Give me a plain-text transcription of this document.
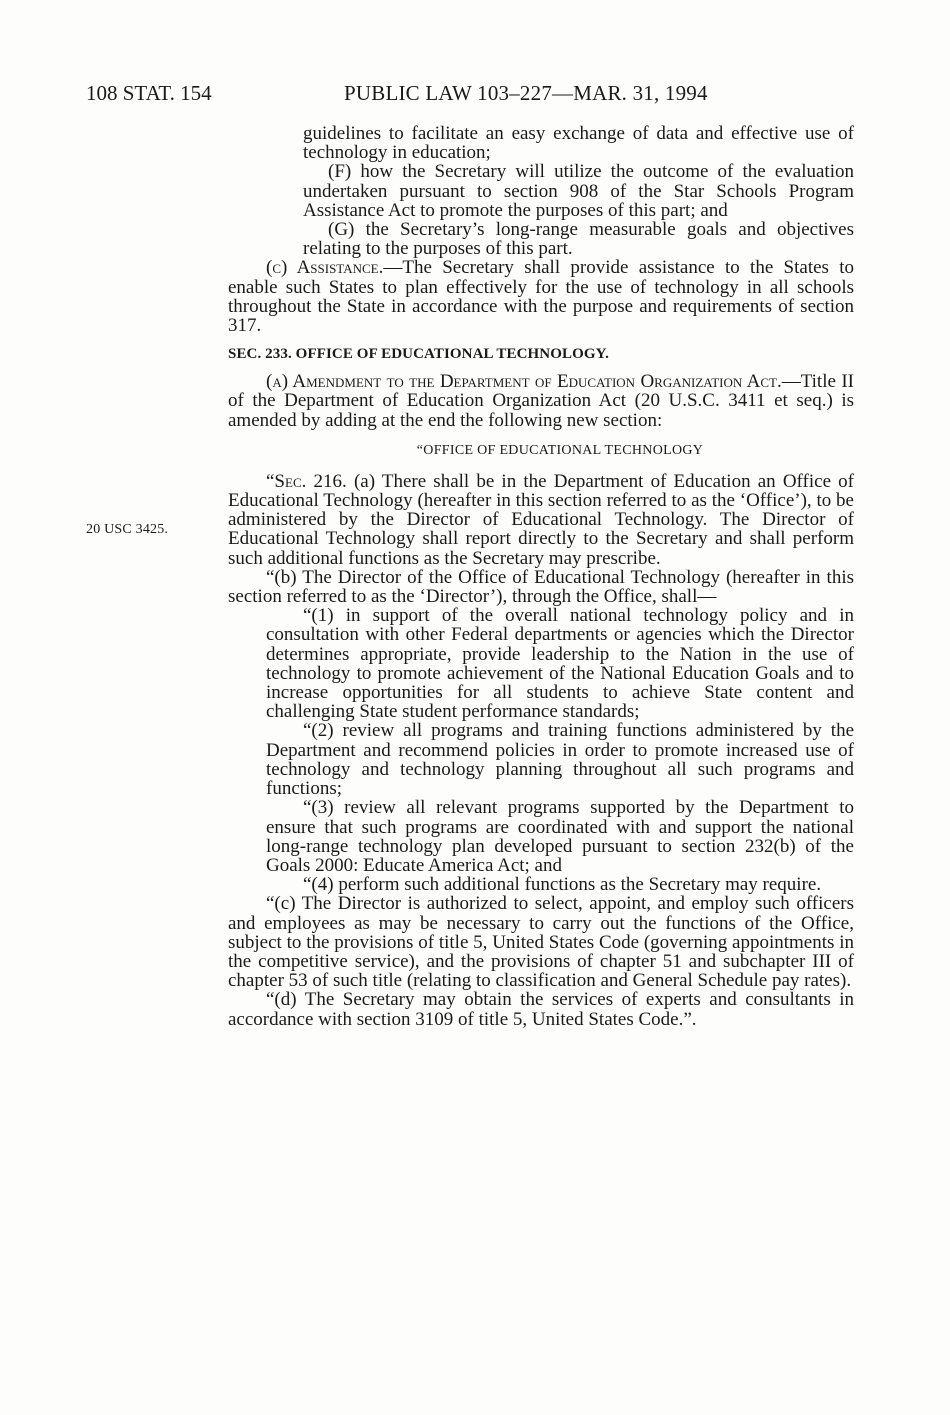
108 STAT. 154	PUBLIC LAW 103–227—MAR. 31, 1994
20 USC 3425.

guidelines to facilitate an easy exchange of data and effective use of technology in education;

(F) how the Secretary will utilize the outcome of the evaluation undertaken pursuant to section 908 of the Star Schools Program Assistance Act to promote the purposes of this part; and

(G) the Secretary’s long-range measurable goals and objectives relating to the purposes of this part.

(c) Assistance.—The Secretary shall provide assistance to the States to enable such States to plan effectively for the use of technology in all schools throughout the State in accordance with the purpose and requirements of section 317.

SEC. 233. OFFICE OF EDUCATIONAL TECHNOLOGY.

(a) Amendment to the Department of Education Organization Act.—Title II of the Department of Education Organization Act (20 U.S.C. 3411 et seq.) is amended by adding at the end the following new section:

“OFFICE OF EDUCATIONAL TECHNOLOGY

“Sec. 216. (a) There shall be in the Department of Education an Office of Educational Technology (hereafter in this section referred to as the ‘Office’), to be administered by the Director of Educational Technology. The Director of Educational Technology shall report directly to the Secretary and shall perform such additional functions as the Secretary may prescribe.

“(b) The Director of the Office of Educational Technology (hereafter in this section referred to as the ‘Director’), through the Office, shall—

“(1) in support of the overall national technology policy and in consultation with other Federal departments or agencies which the Director determines appropriate, provide leadership to the Nation in the use of technology to promote achievement of the National Education Goals and to increase opportunities for all students to achieve State content and challenging State student performance standards;

“(2) review all programs and training functions administered by the Department and recommend policies in order to promote increased use of technology and technology planning throughout all such programs and functions;

“(3) review all relevant programs supported by the Department to ensure that such programs are coordinated with and support the national long-range technology plan developed pursuant to section 232(b) of the Goals 2000: Educate America Act; and

“(4) perform such additional functions as the Secretary may require.

“(c) The Director is authorized to select, appoint, and employ such officers and employees as may be necessary to carry out the functions of the Office, subject to the provisions of title 5, United States Code (governing appointments in the competitive service), and the provisions of chapter 51 and subchapter III of chapter 53 of such title (relating to classification and General Schedule pay rates).

“(d) The Secretary may obtain the services of experts and consultants in accordance with section 3109 of title 5, United States Code.”.
